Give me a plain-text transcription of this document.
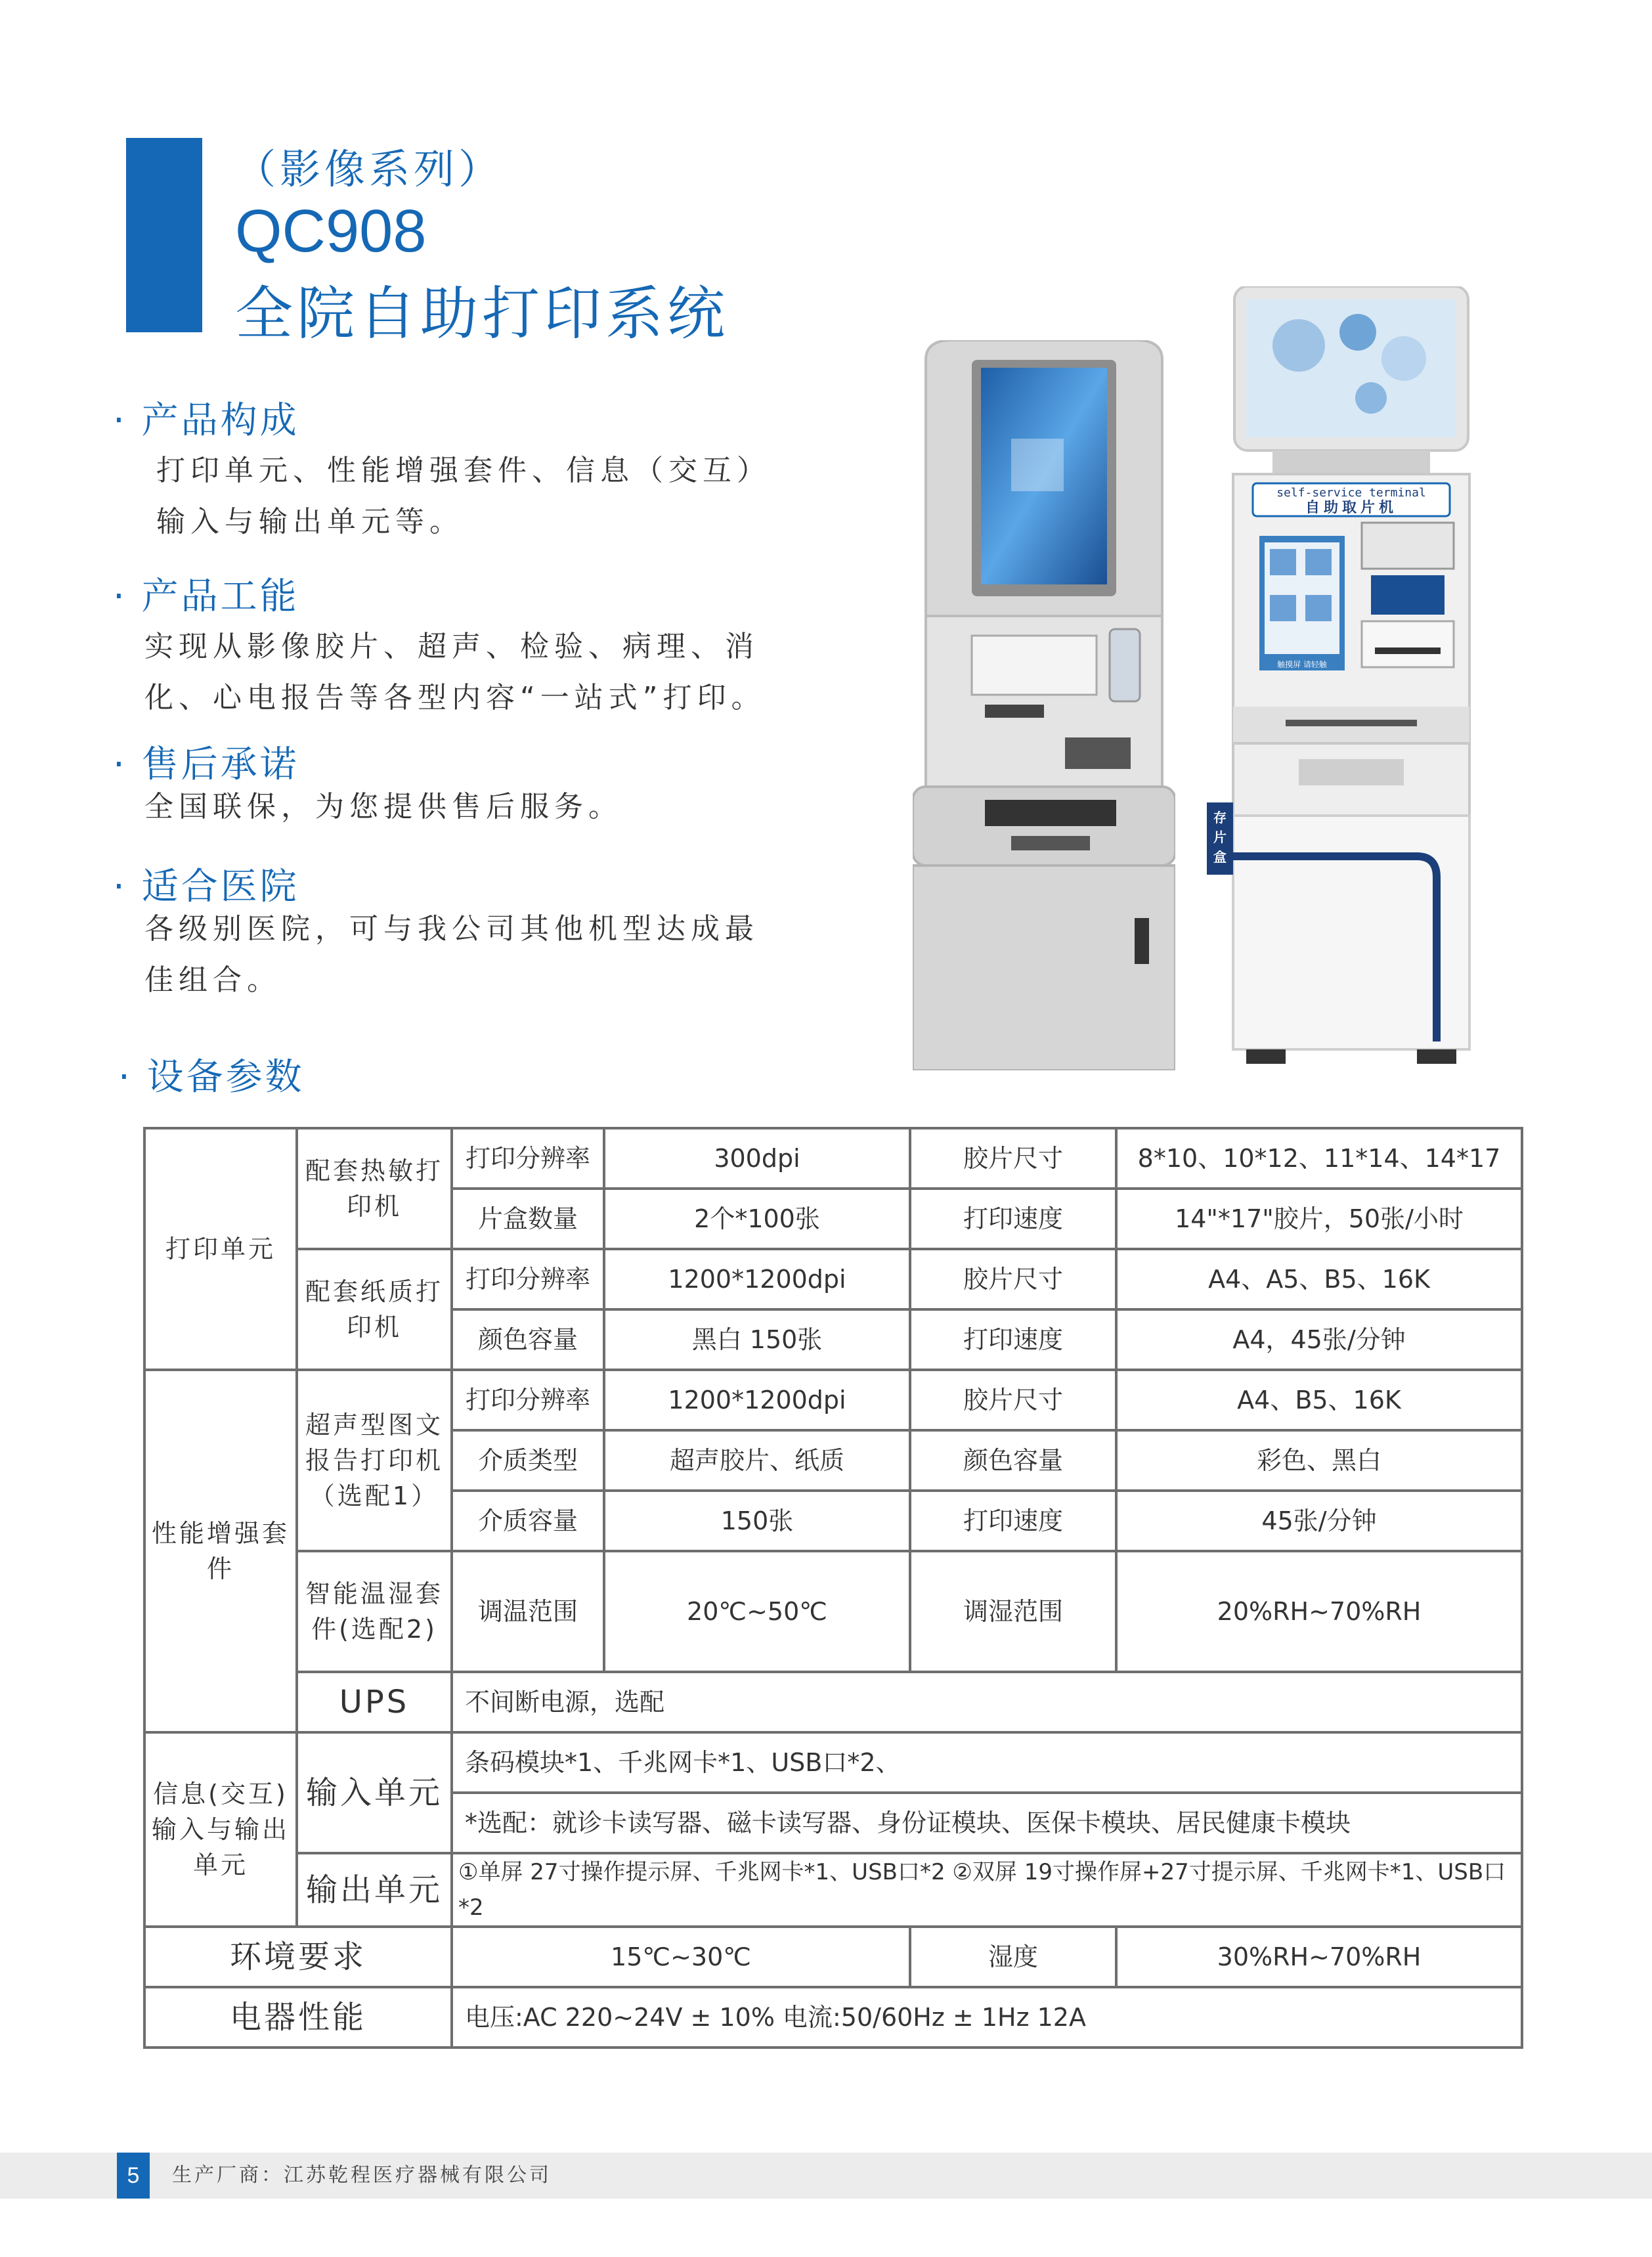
（影像系列）
QC908
全院自助打印系统
· 产品构成
打印单元、性能增强套件、信息（交互）
输入与输出单元等。
· 产品工能
实现从影像胶片、超声、检验、病理、消
化、心电报告等各型内容“一站式”打印。
· 售后承诺
全国联保，为您提供售后服务。
· 适合医院
各级别医院，可与我公司其他机型达成最
佳组合。
· 设备参数
self-service terminal
自助取片机
触摸屏 请轻触
存
片
盒
打印单元	配套热敏打印机	打印分辨率	300dpi	胶片尺寸	8*10、10*12、11*14、14*17
		片盒数量	2个*100张	打印速度	14"*17"胶片，50张/小时
	配套纸质打印机	打印分辨率	1200*1200dpi	胶片尺寸	A4、A5、B5、16K
		颜色容量	黑白 150张	打印速度	A4，45张/分钟
性能增强套件	超声型图文报告打印机（选配1）	打印分辨率	1200*1200dpi	胶片尺寸	A4、B5、16K
		介质类型	超声胶片、纸质	颜色容量	彩色、黑白
		介质容量	150张	打印速度	45张/分钟
	智能温湿套件(选配2)	调温范围	20℃~50℃	调湿范围	20%RH~70%RH
	UPS	不间断电源，选配			
信息(交互)输入与输出单元	输入单元	条码模块*1、千兆网卡*1、USB口*2、			
		*选配：就诊卡读写器、磁卡读写器、身份证模块、医保卡模块、居民健康卡模块			
	输出单元	①单屏 27寸操作提示屏、千兆网卡*1、USB口*2 ②双屏 19寸操作屏+27寸提示屏、千兆网卡*1、USB口*2			
环境要求		15℃~30℃		湿度	30%RH~70%RH
电器性能		电压:AC 220~24V ± 10% 电流:50/60Hz ± 1Hz 12A			
5	生产厂商：江苏乾程医疗器械有限公司
